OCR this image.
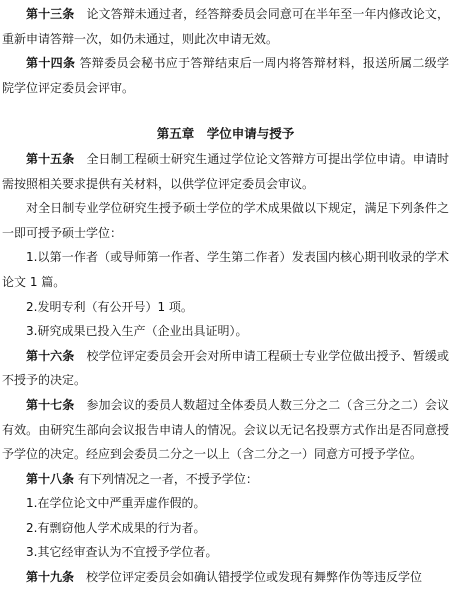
第十三条　论文答辩未通过者，经答辩委员会同意可在半年至一年内修改论文，重新申请答辩一次，如仍未通过，则此次申请无效。

第十四条 答辩委员会秘书应于答辩结束后一周内将答辩材料，报送所属二级学院学位评定委员会评审。

第五章　学位申请与授予

第十五条　全日制工程硕士研究生通过学位论文答辩方可提出学位申请。申请时需按照相关要求提供有关材料，以供学位评定委员会审议。

对全日制专业学位研究生授予硕士学位的学术成果做以下规定，满足下列条件之一即可授予硕士学位：

1.以第一作者（或导师第一作者、学生第二作者）发表国内核心期刊收录的学术论文 1 篇。

2.发明专利（有公开号）1 项。

3.研究成果已投入生产（企业出具证明）。

第十六条　校学位评定委员会开会对所申请工程硕士专业学位做出授予、暂缓或不授予的决定。

第十七条　参加会议的委员人数超过全体委员人数三分之二（含三分之二）会议有效。由研究生部向会议报告申请人的情况。会议以无记名投票方式作出是否同意授予学位的决定。经应到会委员二分之一以上（含二分之一）同意方可授予学位。

第十八条 有下列情况之一者，不授予学位：

1.在学位论文中严重弄虚作假的。

2.有剽窃他人学术成果的行为者。

3.其它经审查认为不宜授予学位者。

第十九条　校学位评定委员会如确认错授学位或发现有舞弊作伪等违反学位
